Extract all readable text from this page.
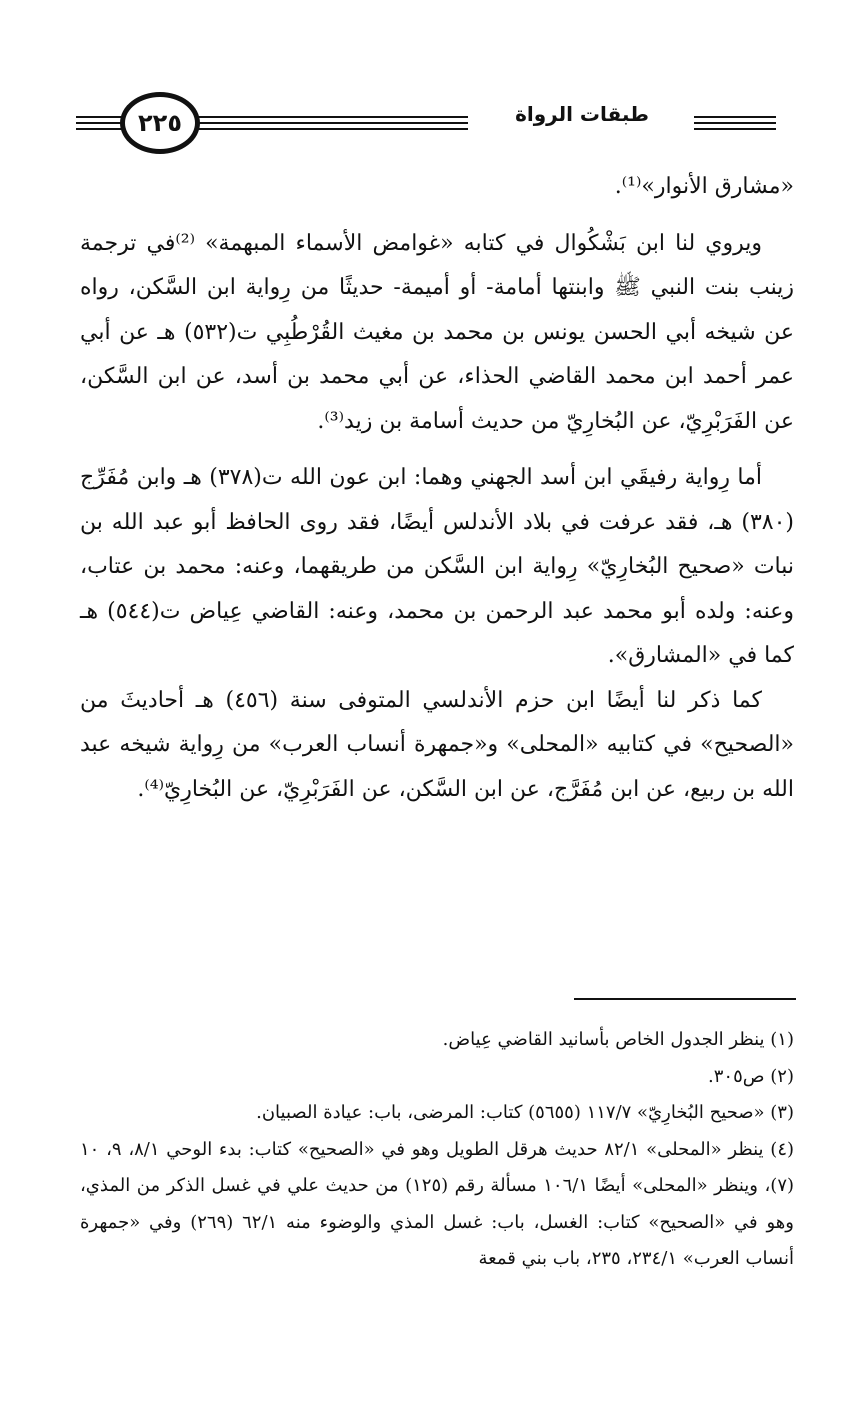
٢٢٥	طبقات الرواة

«مشارق الأنوار»⁽¹⁾.

ويروي لنا ابن بَشْكُوال في كتابه «غوامض الأسماء المبهمة» ⁽²⁾في ترجمة زينب بنت النبي ﷺ وابنتها أمامة- أو أميمة- حديثًا من رِواية ابن السَّكن، رواه عن شيخه أبي الحسن يونس بن محمد بن مغيث القُرْطُبِي ت(٥٣٢) هـ عن أبي عمر أحمد ابن محمد القاضي الحذاء، عن أبي محمد بن أسد، عن ابن السَّكن، عن الفَرَبْرِيّ، عن البُخارِيّ من حديث أسامة بن زيد⁽³⁾.

أما رِواية رفيقَي ابن أسد الجهني وهما: ابن عون الله ت(٣٧٨) هـ وابن مُفَرِّج (٣٨٠) هـ، فقد عرفت في بلاد الأندلس أيضًا، فقد روى الحافظ أبو عبد الله بن نبات «صحيح البُخارِيّ» رِواية ابن السَّكن من طريقهما، وعنه: محمد بن عتاب، وعنه: ولده أبو محمد عبد الرحمن بن محمد، وعنه: القاضي عِياض ت(٥٤٤) هـ كما في «المشارق».

كما ذكر لنا أيضًا ابن حزم الأندلسي المتوفى سنة (٤٥٦) هـ أحاديثَ من «الصحيح» في كتابيه «المحلى» و«جمهرة أنساب العرب» من رِواية شيخه عبد الله بن ربيع، عن ابن مُفَرَّج، عن ابن السَّكن، عن الفَرَبْرِيّ، عن البُخارِيّ⁽⁴⁾.

(١) ينظر الجدول الخاص بأسانيد القاضي عِياض.

(٢) ص٣٠٥.

(٣) «صحيح البُخارِيّ» ١١٧/٧ (٥٦٥٥) كتاب: المرضى، باب: عيادة الصبيان.

(٤) ينظر «المحلى» ٨٢/١ حديث هرقل الطويل وهو في «الصحيح» كتاب: بدء الوحي ٨/١، ٩، ١٠ (٧)، وينظر «المحلى» أيضًا ١٠٦/١ مسألة رقم (١٢٥) من حديث علي في غسل الذكر من المذي، وهو في «الصحيح» كتاب: الغسل، باب: غسل المذي والوضوء منه ٦٢/١ (٢٦٩) وفي «جمهرة أنساب العرب» ٢٣٤/١، ٢٣٥، باب بني قمعة
